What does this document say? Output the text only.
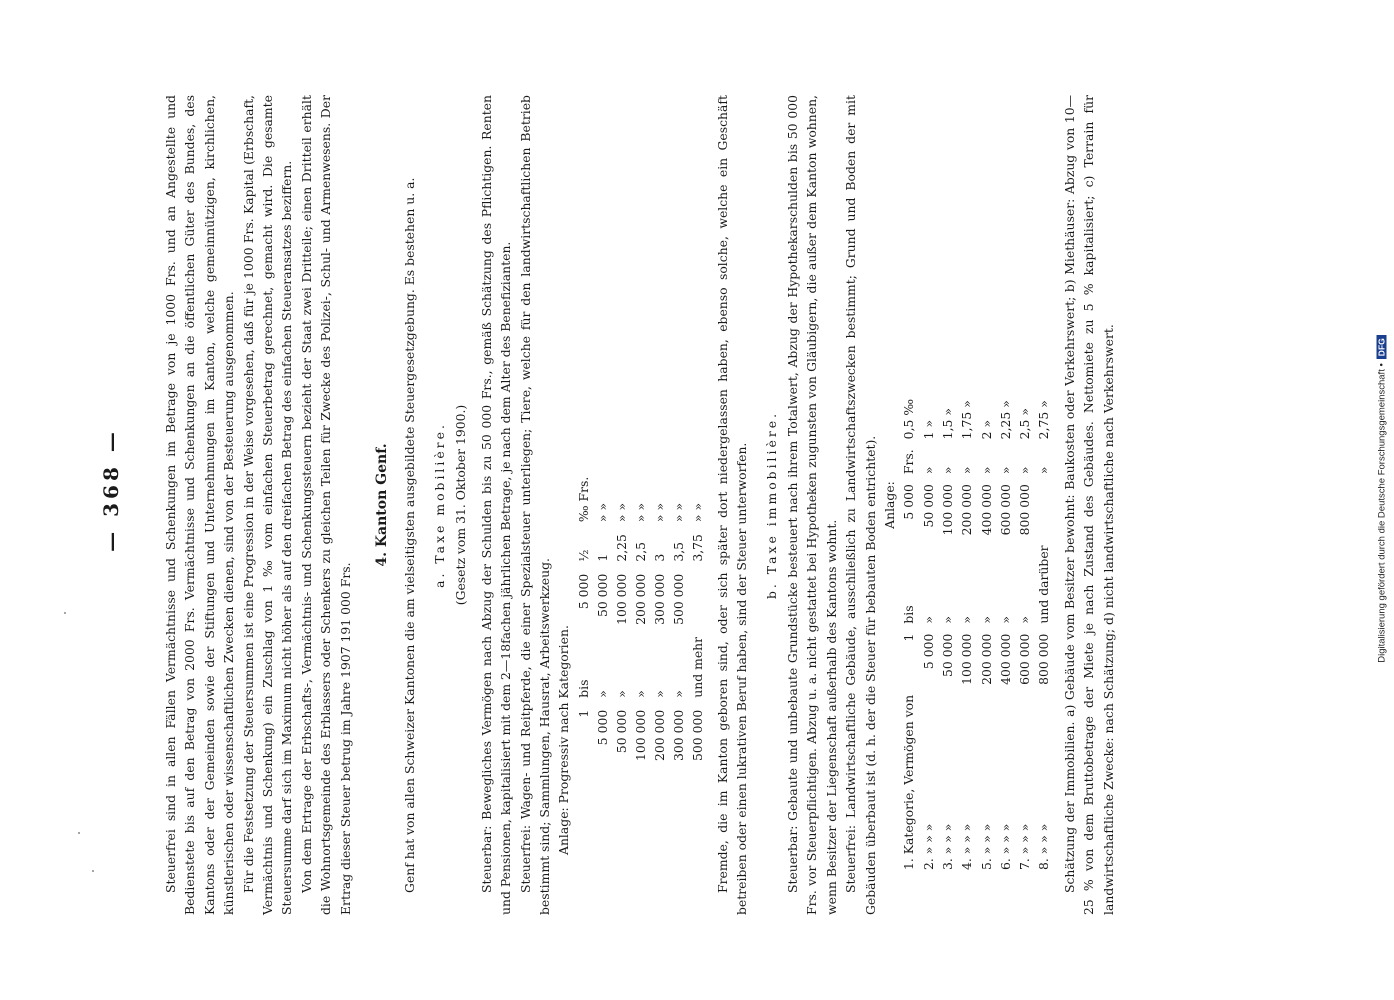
— 368 —	Steuerfrei sind in allen Fällen Vermächtnisse und Schenkungen im Betrage von je 1000 Frs. und an Angestellte und Bedienstete bis auf den Betrag von 2000 Frs. Vermächtnisse und Schenkungen an die öffentlichen Güter des Bundes, des Kantons oder der Gemeinden sowie der Stiftungen und Unternehmungen im Kanton, welche gemeinnützigen, kirchlichen, künstlerischen oder wissenschaftlichen Zwecken dienen, sind von der Besteuerung ausgenommen. Für die Festsetzung der Steuersummen ist eine Progression in der Weise vorgesehen, daß für je 1000 Frs. Kapital (Erbschaft, Vermächtnis und Schenkung) ein Zuschlag von 1 ‰ vom einfachen Steuerbetrag gerechnet, gemacht wird. Die gesamte Steuersumme darf sich im Maximum nicht höher als auf den dreifachen Betrag des einfachen Steueransatzes beziffern. Von dem Ertrage der Erbschafts-, Vermächtnis- und Schenkungssteuern bezieht der Staat zwei Dritteile; einen Dritteil erhält die Wohnortsgemeinde des Erblassers oder Schenkers zu gleichen Teilen für Zwecke des Polizei-, Schul- und Armenwesens. Der Ertrag dieser Steuer betrug im Jahre 1907 191 000 Frs.

4. Kanton Genf. Genf hat von allen Schweizer Kantonen die am vielseitigsten ausgebildete Steuergesetzgebung. Es bestehen u. a. a. Taxe mobilière. (Gesetz vom 31. Oktober 1900.) Steuerbar: Bewegliches Vermögen nach Abzug der Schulden bis zu 50 000 Frs., gemäß Schätzung des Pflichtigen. Renten und Pensionen, kapitalisiert mit dem 2—18fachen jährlichen Betrage, je nach dem Alter des Benefizianten. Steuerfrei: Wagen- und Reitpferde, die einer Spezialsteuer unterliegen; Tiere, welche für den landwirtschaftlichen Betrieb bestimmt sind; Sammlungen, Hausrat, Arbeitswerkzeug. Anlage: Progressiv nach Kategorien. 1	bis	5 000	½	‰ Frs.
5 000	»	50 000	1	» »
50 000	»	100 000	2,25	» »
100 000	»	200 000	2,5	» »
200 000	»	300 000	3	» »
300 000	»	500 000	3,5	» »
500 000	und mehr		3,75	» » Fremde, die im Kanton geboren sind, oder sich später dort niedergelassen haben, ebenso solche, welche ein Geschäft betreiben oder einen lukrativen Beruf haben, sind der Steuer unterworfen. b. Taxe immobilière. Steuerbar: Gebaute und unbebaute Grundstücke besteuert nach ihrem Totalwert, Abzug der Hypothekarschulden bis 50 000 Frs. vor Steuerpflichtigen. Abzug u. a. nicht gestattet bei Hypotheken zugunsten von Gläubigern, die außer dem Kanton wohnen, wenn Besitzer der Liegenschaft außerhalb des Kantons wohnt. Steuerfrei: Landwirtschaftliche Gebäude, ausschließlich zu Landwirtschaftszwecken bestimmt; Grund und Boden der mit Gebäuden überbaut ist (d. h. der die Steuer für bebauten Boden entrichtet). Anlage:
1. Kategorie, Vermögen von	1	bis	5 000	Frs.	0,5 ‰
2. » » »	5 000	»	50 000	»	1 »
3. » » »	50 000	»	100 000	»	1,5 »
4. » » »	100 000	»	200 000	»	1,75 »
5. » » »	200 000	»	400 000	»	2 »
6. » » »	400 000	»	600 000	»	2,25 »
7. » » »	600 000	»	800 000	»	2,5 »
8. » » »	800 000	und darüber		»	2,75 » Schätzung der Immobilien. a) Gebäude vom Besitzer bewohnt: Baukosten oder Verkehrswert; b) Miethäuser: Abzug von 10—25 % von dem Bruttobetrage der Miete je nach Zustand des Gebäudes. Nettomiete zu 5 % kapitalisiert; c) Terrain für landwirtschaftliche Zwecke: nach Schätzung; d) nicht landwirtschaftliche nach Verkehrswert.	Digitalisierung gefördert durch die Deutsche Forschungsgemeinschaft •DFG
